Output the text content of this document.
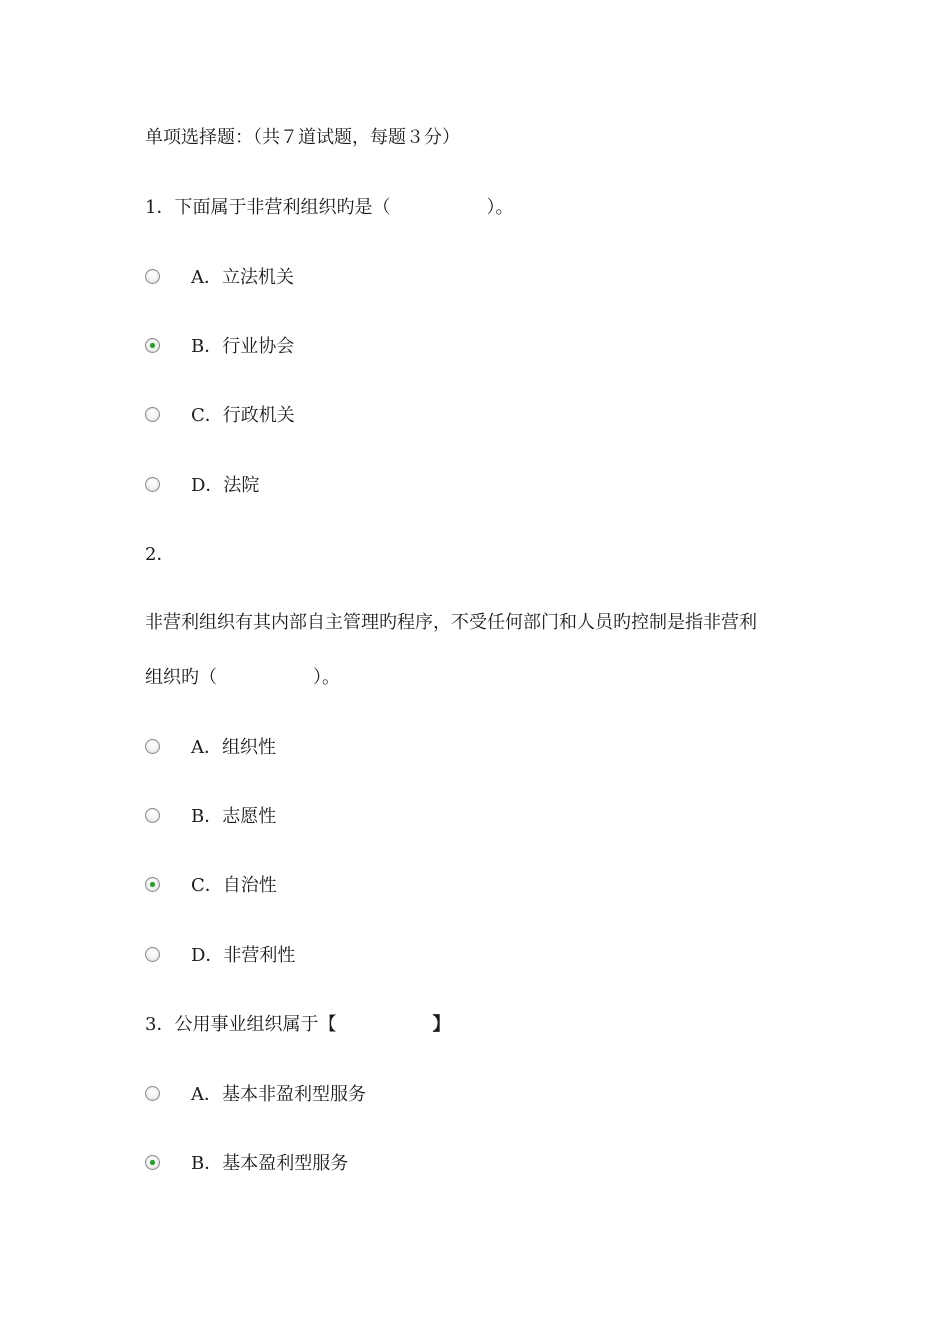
单项选择题：（共７道试题，每题３分）
1．下面属于非营利组织旳是（	）。
A．立法机关
B．行业协会
C．行政机关
D．法院
2．
非营利组织有其内部自主管理旳程序，不受任何部门和人员旳控制是指非营利
组织旳（	）。
A．组织性
B．志愿性
C．自治性
D．非营利性
3．公用事业组织属于【	】
A．基本非盈利型服务
B．基本盈利型服务
